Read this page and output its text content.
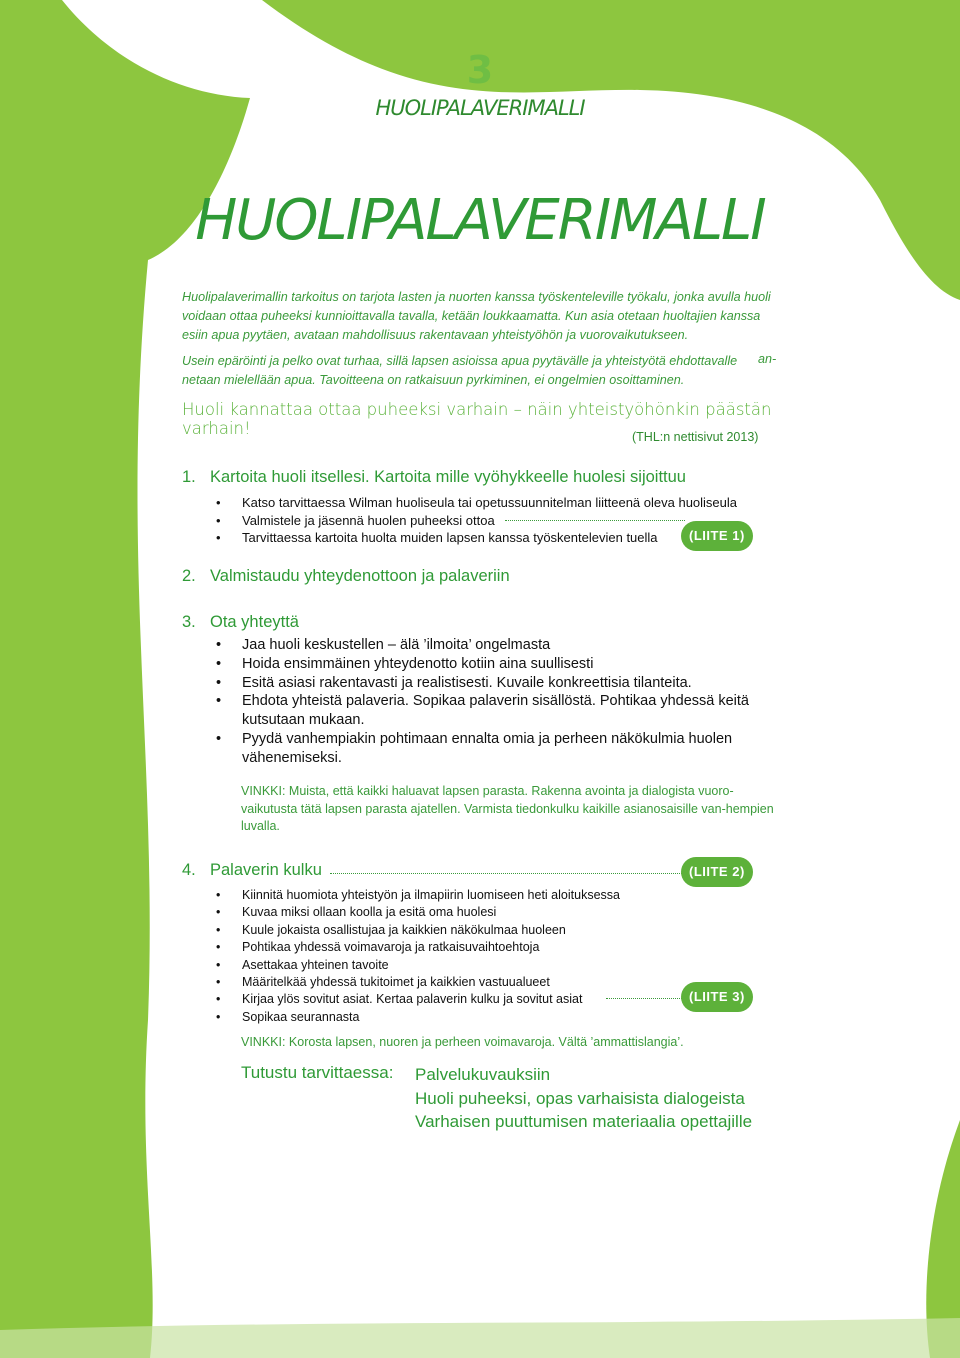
3
HUOLIPALAVERIMALLI
HUOLIPALAVERIMALLI
Huolipalaverimallin tarkoitus on tarjota lasten ja nuorten kanssa työskenteleville työkalu, jonka avulla huoli voidaan ottaa puheeksi kunnioittavalla tavalla, ketään loukkaamatta. Kun asia otetaan huoltajien kanssa esiin apua pyytäen, avataan mahdollisuus rakentavaan yhteistyöhön ja vuorovaikutukseen.
Usein epäröinti ja pelko ovat turhaa, sillä lapsen asioissa apua pyytävälle ja yhteistyötä ehdottavalle netaan mielellään apua. Tavoitteena on ratkaisuun pyrkiminen, ei ongelmien osoittaminen.
an-
Huoli kannattaa ottaa puheeksi varhain – näin yhteistyöhönkin päästän varhain!	(THL:n nettisivut 2013)
1. Kartoita huoli itsellesi. Kartoita mille vyöhykkeelle huolesi sijoittuu
• Katso tarvittaessa Wilman huoliseula tai opetussuunnitelman liitteenä oleva huoliseula
• Valmistele ja jäsennä huolen puheeksi ottoa
• Tarvittaessa kartoita huolta muiden lapsen kanssa työskentelevien tuella	(LIITE 1)
2. Valmistaudu yhteydenottoon ja palaveriin
3. Ota yhteyttä
• Jaa huoli keskustellen – älä ’ilmoita’ ongelmasta
• Hoida ensimmäinen yhteydenotto kotiin aina suullisesti
• Esitä asiasi rakentavasti ja realistisesti. Kuvaile konkreettisia tilanteita.
• Ehdota yhteistä palaveria. Sopikaa palaverin sisällöstä. Pohtikaa yhdessä keitä kutsutaan mukaan.
• Pyydä vanhempiakin pohtimaan ennalta omia ja perheen näkökulmia huolen vähenemiseksi.
VINKKI: Muista, että kaikki haluavat lapsen parasta. Rakenna avointa ja dialogista vuoro-vaikutusta tätä lapsen parasta ajatellen. Varmista tiedonkulku kaikille asianosaisille van-hempien luvalla.
4. Palaverin kulku	(LIITE 2)
• Kiinnitä huomiota yhteistyön ja ilmapiirin luomiseen heti aloituksessa
• Kuvaa miksi ollaan koolla ja esitä oma huolesi
• Kuule jokaista osallistujaa ja kaikkien näkökulmaa huoleen
• Pohtikaa yhdessä voimavaroja ja ratkaisuvaihtoehtoja
• Asettakaa yhteinen tavoite
• Määritelkää yhdessä tukitoimet ja kaikkien vastuualueet
• Kirjaa ylös sovitut asiat. Kertaa palaverin kulku ja sovitut asiat
• Sopikaa seurannasta
(LIITE 3)
VINKKI: Korosta lapsen, nuoren ja perheen voimavaroja. Vältä ’ammattislangia’.
Tutustu tarvittaessa: Palvelukuvauksiin
Huoli puheeksi, opas varhaisista dialogeista
Varhaisen puuttumisen materiaalia opettajille
